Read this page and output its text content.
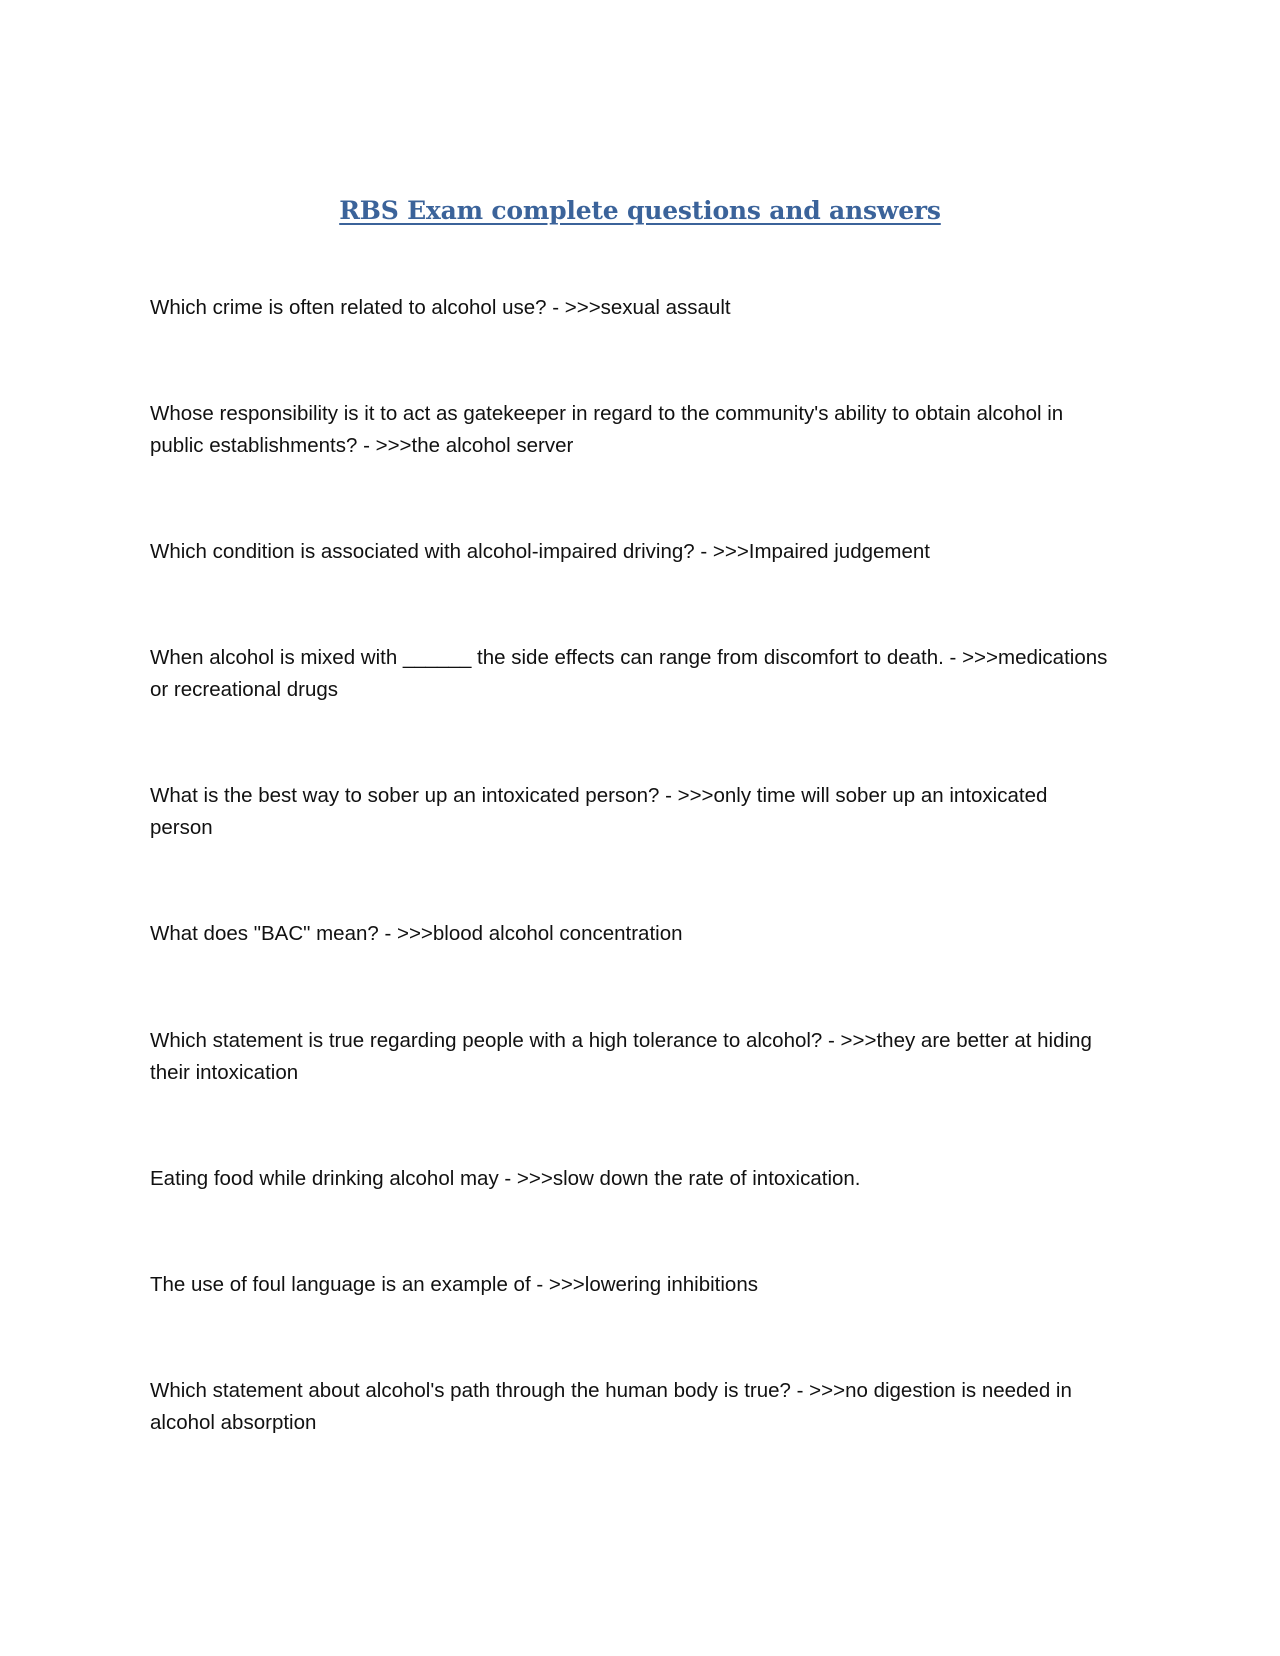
RBS Exam complete questions and answers

Which crime is often related to alcohol use? - >>>sexual assault

Whose responsibility is it to act as gatekeeper in regard to the community's ability to obtain alcohol in public establishments? - >>>the alcohol server

Which condition is associated with alcohol-impaired driving? - >>>Impaired judgement

When alcohol is mixed with ______ the side effects can range from discomfort to death. - >>>medications or recreational drugs

What is the best way to sober up an intoxicated person? - >>>only time will sober up an intoxicated person

What does "BAC" mean? - >>>blood alcohol concentration

Which statement is true regarding people with a high tolerance to alcohol? - >>>they are better at hiding their intoxication

Eating food while drinking alcohol may - >>>slow down the rate of intoxication.

The use of foul language is an example of - >>>lowering inhibitions

Which statement about alcohol's path through the human body is true? - >>>no digestion is needed in alcohol absorption
